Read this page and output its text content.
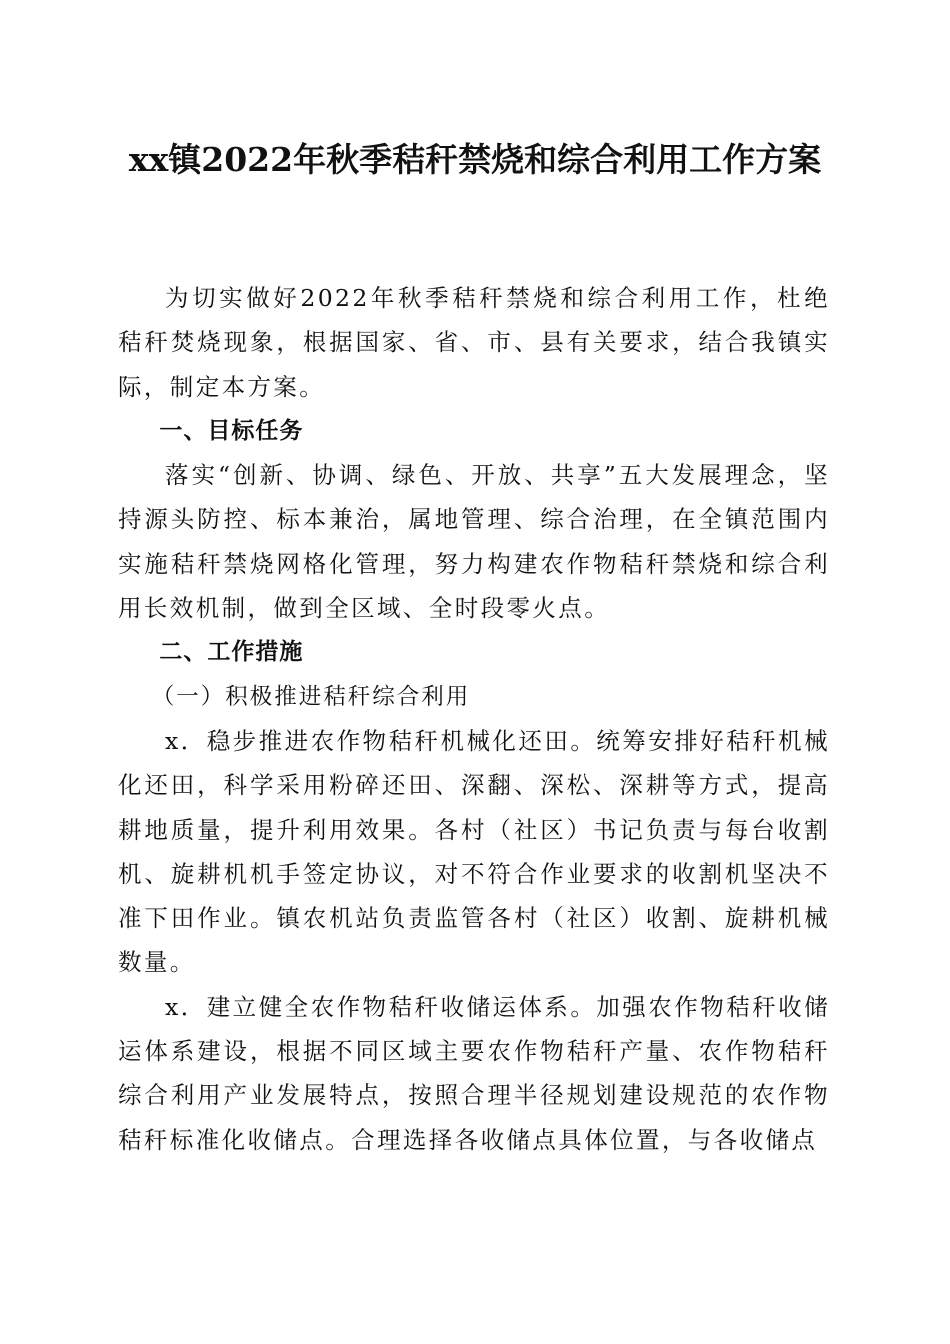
xx镇2022年秋季秸秆禁烧和综合利用工作方案

为切实做好2022年秋季秸秆禁烧和综合利用工作，杜绝秸秆焚烧现象，根据国家、省、市、县有关要求，结合我镇实际，制定本方案。

一、目标任务

落实“创新、协调、绿色、开放、共享”五大发展理念，坚持源头防控、标本兼治，属地管理、综合治理，在全镇范围内实施秸秆禁烧网格化管理，努力构建农作物秸秆禁烧和综合利用长效机制，做到全区域、全时段零火点。

二、工作措施

（一）积极推进秸秆综合利用

x．稳步推进农作物秸秆机械化还田。统筹安排好秸秆机械化还田，科学采用粉碎还田、深翻、深松、深耕等方式，提高耕地质量，提升利用效果。各村（社区）书记负责与每台收割机、旋耕机机手签定协议，对不符合作业要求的收割机坚决不准下田作业。镇农机站负责监管各村（社区）收割、旋耕机械数量。

x．建立健全农作物秸秆收储运体系。加强农作物秸秆收储运体系建设，根据不同区域主要农作物秸秆产量、农作物秸秆综合利用产业发展特点，按照合理半径规划建设规范的农作物秸秆标准化收储点。合理选择各收储点具体位置，与各收储点
